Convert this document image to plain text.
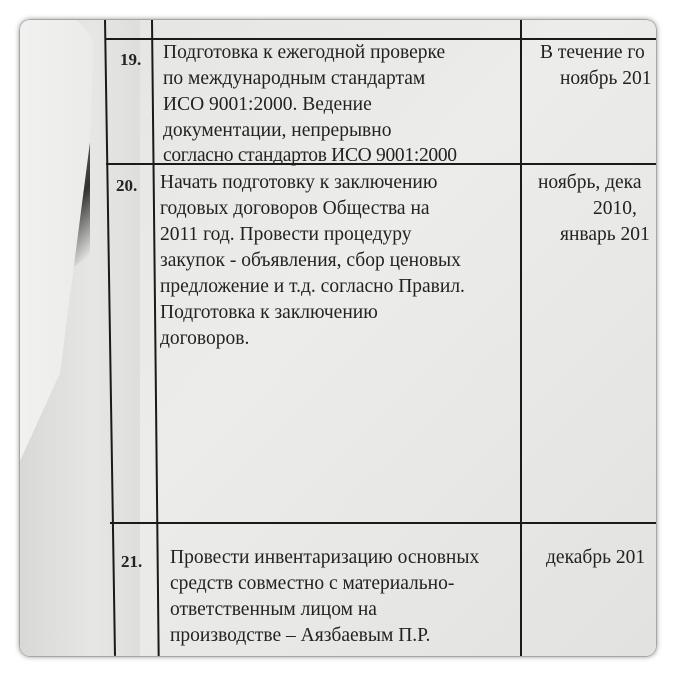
19. Подготовка к ежегодной проверке
по международным стандартам
ИСО 9001:2000. Ведение
документации, непрерывно
согласно стандартов ИСО 9001:2000
В течение го
ноябрь 201
20. Начать подготовку к заключению
годовых договоров Общества на
2011 год. Провести процедуру
закупок - объявления, сбор ценовых
предложение и т.д. согласно Правил.
Подготовка к заключению
договоров.
ноябрь, дека
2010,
январь 201
21. Провести инвентаризацию основных
средств совместно с материально-
ответственным лицом на
производстве – Аязбаевым П.Р.
декабрь 201
